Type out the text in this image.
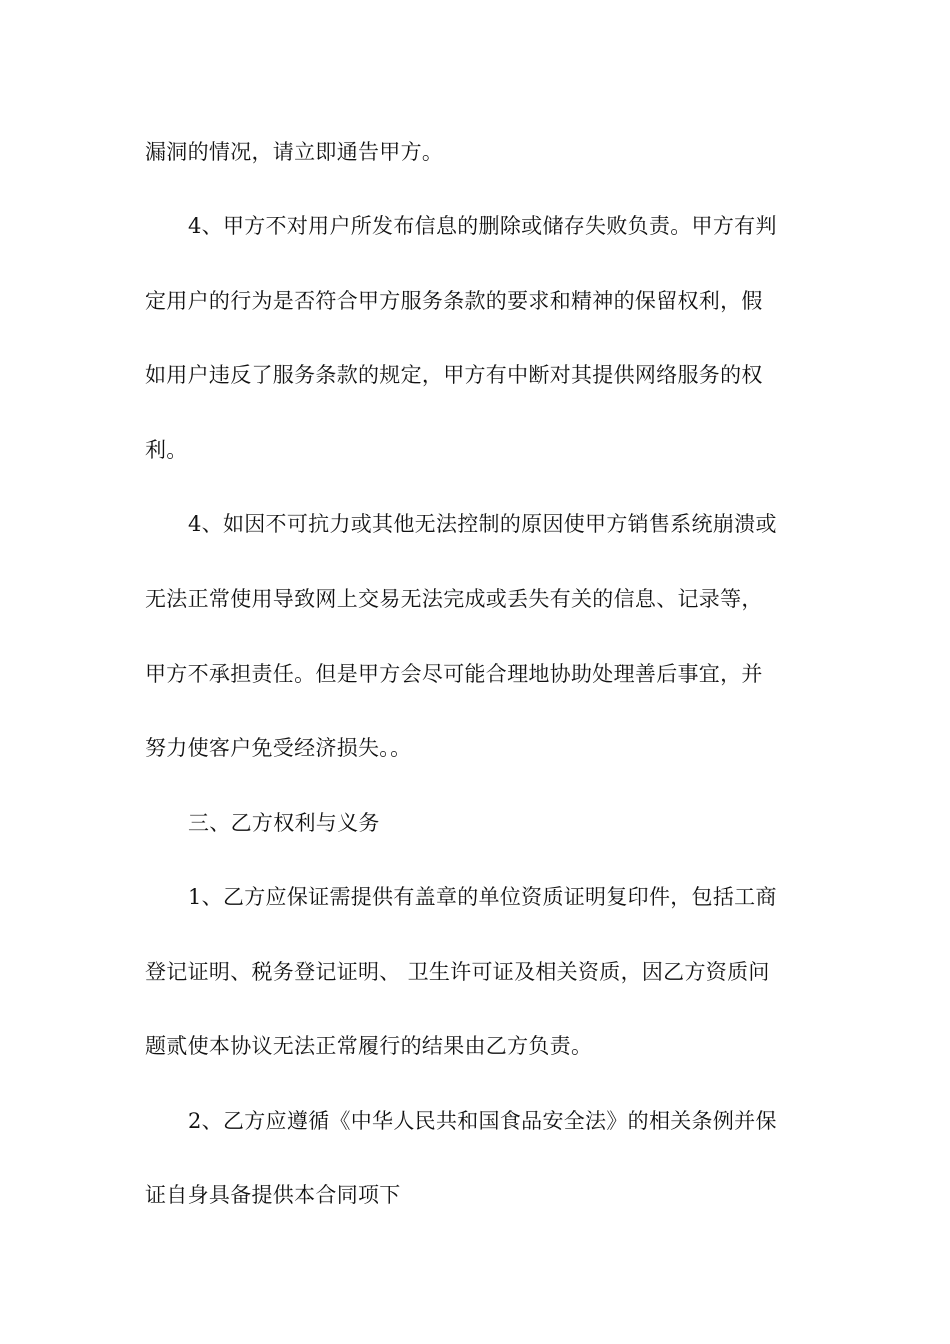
漏洞的情况，请立即通告甲方。
4、甲方不对用户所发布信息的删除或储存失败负责。甲方有判
定用户的行为是否符合甲方服务条款的要求和精神的保留权利，假
如用户违反了服务条款的规定，甲方有中断对其提供网络服务的权
利。
4、如因不可抗力或其他无法控制的原因使甲方销售系统崩溃或
无法正常使用导致网上交易无法完成或丢失有关的信息、记录等，
甲方不承担责任。但是甲方会尽可能合理地协助处理善后事宜，并
努力使客户免受经济损失。。
三、乙方权利与义务
1、乙方应保证需提供有盖章的单位资质证明复印件，包括工商
登记证明、税务登记证明、 卫生许可证及相关资质，因乙方资质问
题贰使本协议无法正常履行的结果由乙方负责。
2、乙方应遵循《中华人民共和国食品安全法》的相关条例并保
证自身具备提供本合同项下
